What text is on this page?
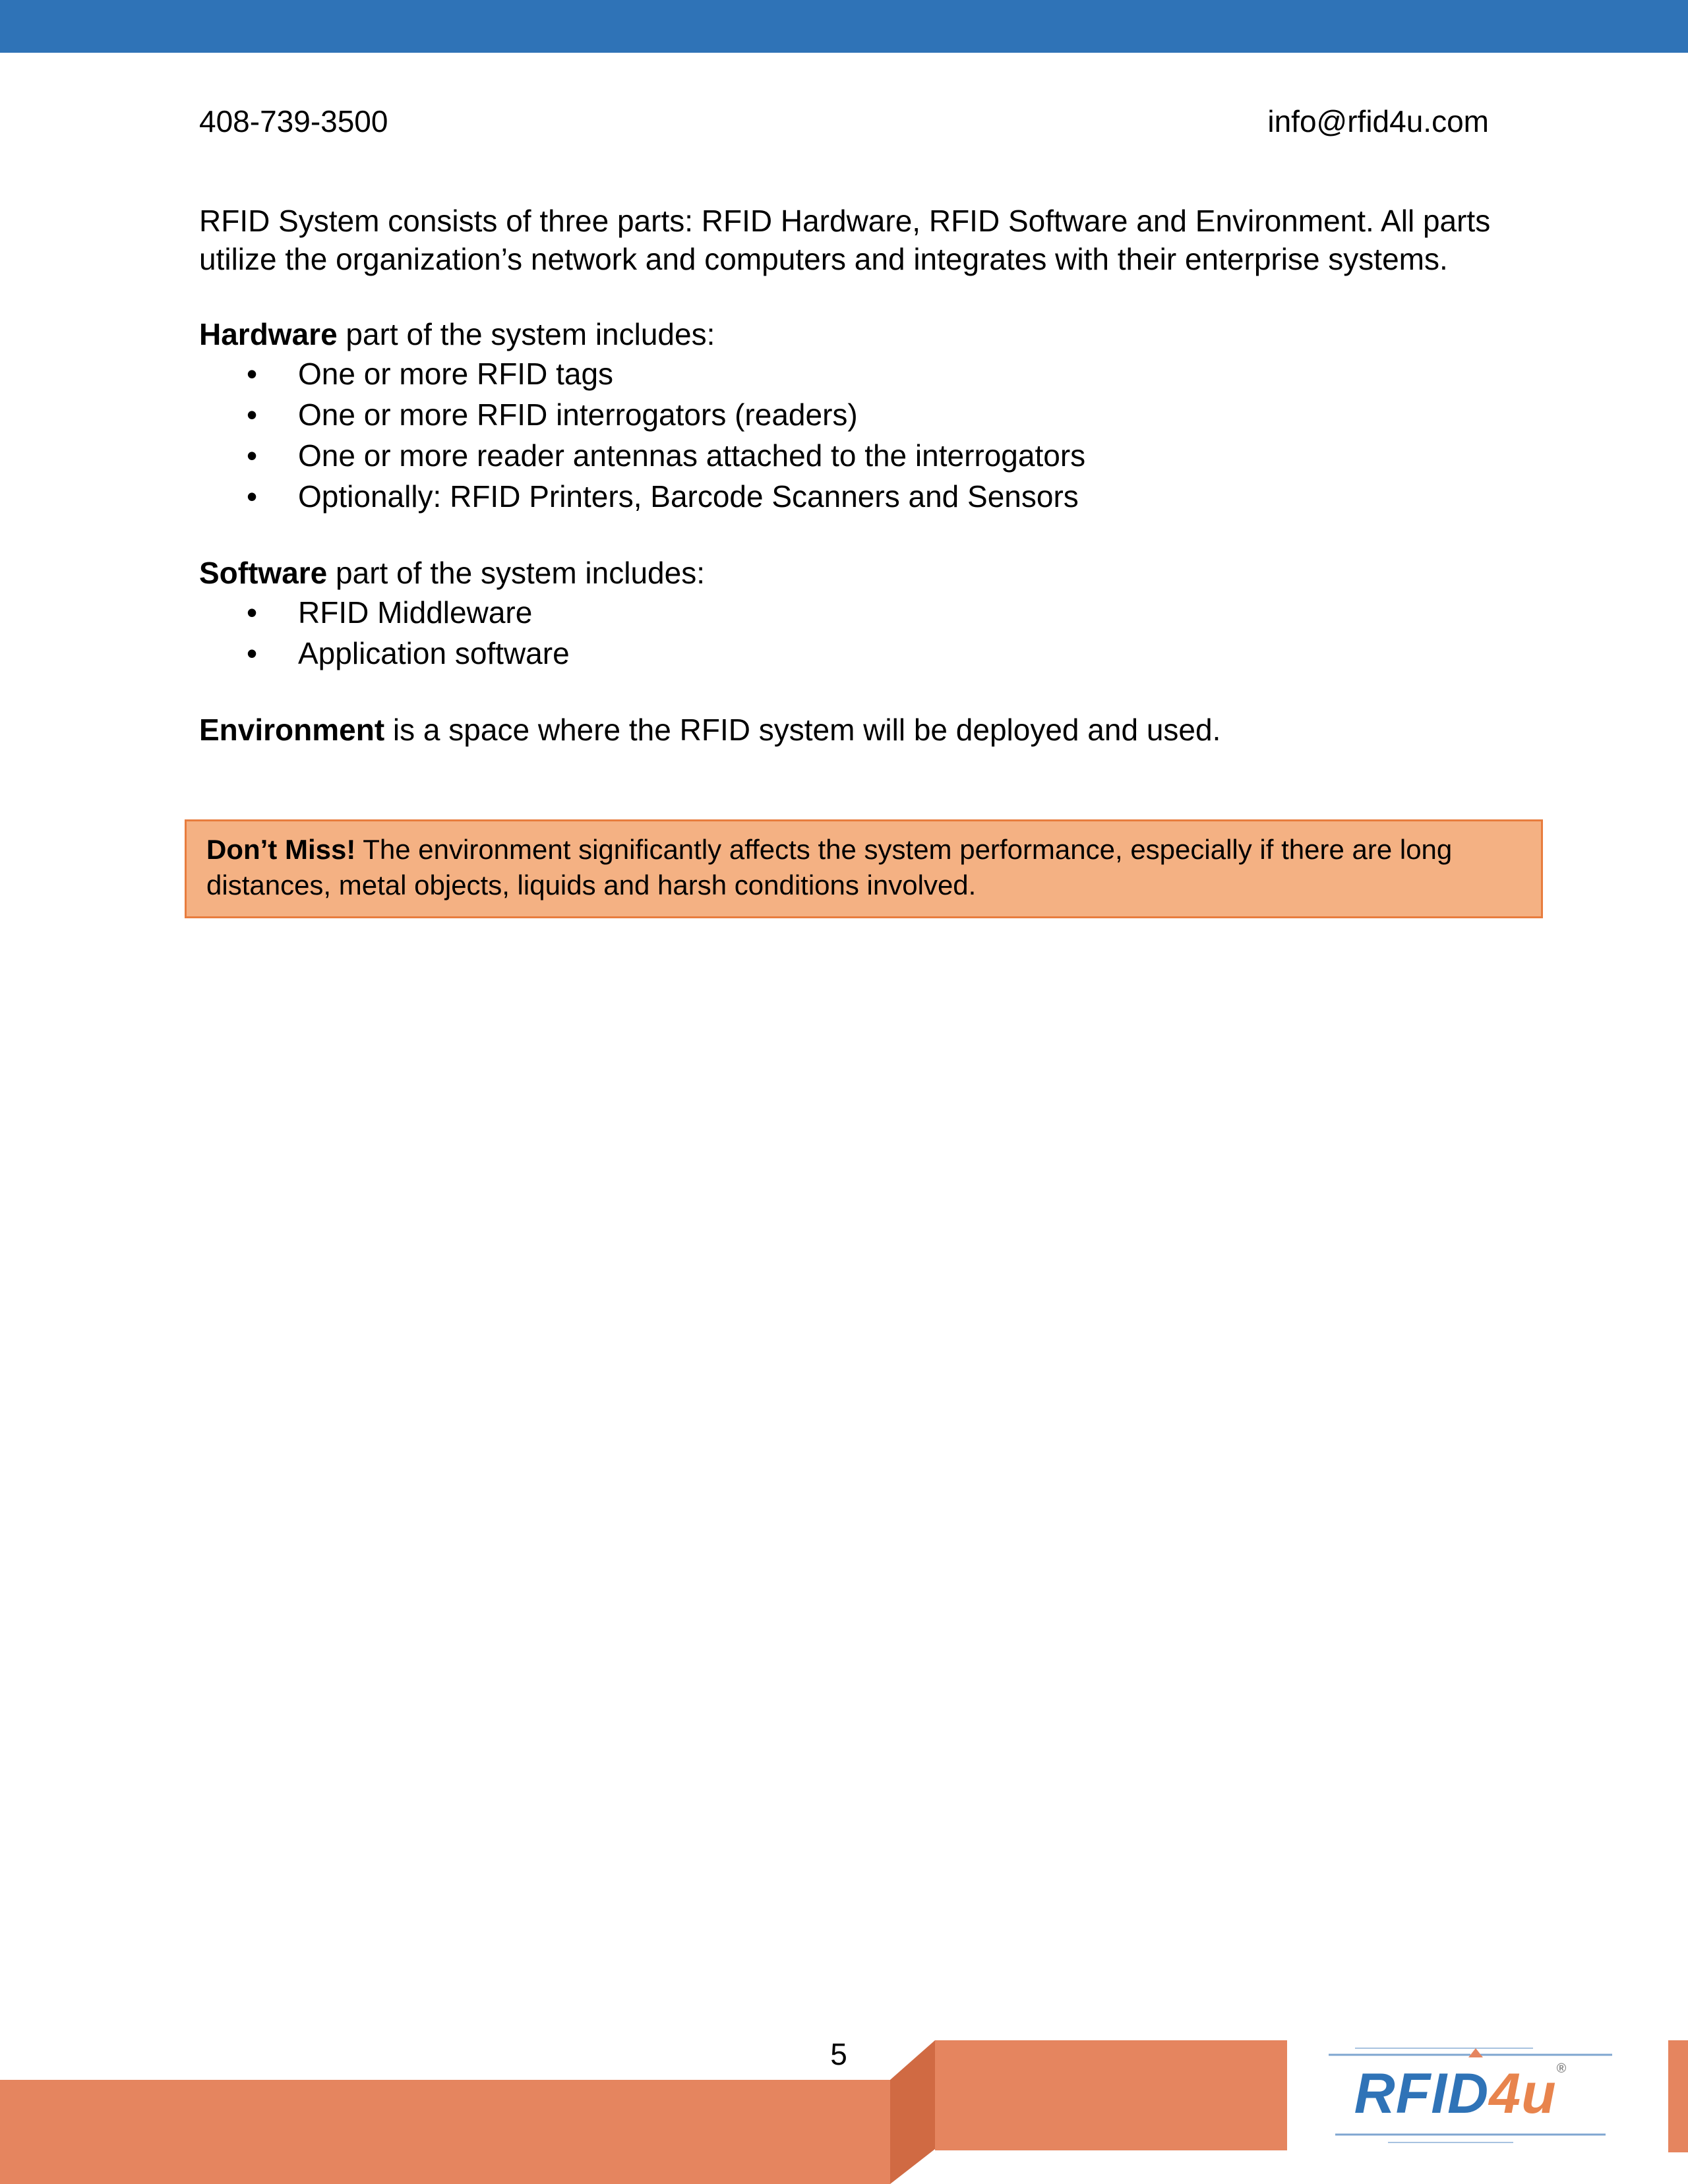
408-739-3500	info@rfid4u.com

RFID System consists of three parts: RFID Hardware, RFID Software and Environment. All parts utilize the organization’s network and computers and integrates with their enterprise systems.

Hardware part of the system includes:

• One or more RFID tags
• One or more RFID interrogators (readers)
• One or more reader antennas attached to the interrogators
• Optionally: RFID Printers, Barcode Scanners and Sensors

Software part of the system includes:

• RFID Middleware
• Application software

Environment is a space where the RFID system will be deployed and used.

Don’t Miss! The environment significantly affects the system performance, especially if there are long distances, metal objects, liquids and harsh conditions involved.
5
RFID4u®
